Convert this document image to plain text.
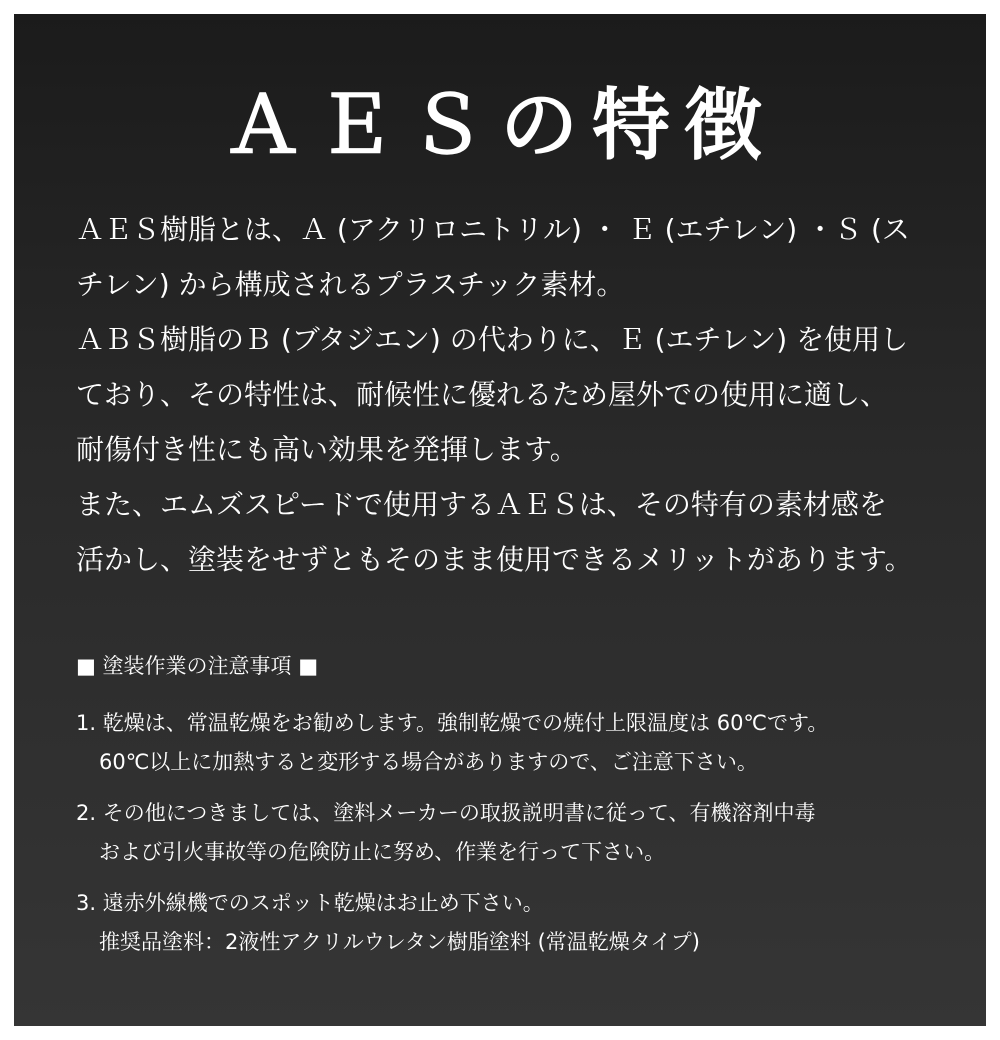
ＡＥＳの特徴
ＡＥＳ樹脂とは、Ａ (アクリロニトリル) ・ Ｅ (エチレン) ・Ｓ (ス
チレン) から構成されるプラスチック素材。
ＡＢＳ樹脂のＢ (ブタジエン) の代わりに、Ｅ (エチレン) を使用し
ており、その特性は、耐候性に優れるため屋外での使用に適し、
耐傷付き性にも高い効果を発揮します。
また、エムズスピードで使用するＡＥＳは、その特有の素材感を
活かし、塗装をせずともそのまま使用できるメリットがあります。
■ 塗装作業の注意事項 ■
1. 乾燥は、常温乾燥をお勧めします。強制乾燥での焼付上限温度は 60℃です。
60℃以上に加熱すると変形する場合がありますので、ご注意下さい。
2. その他につきましては、塗料メーカーの取扱説明書に従って、有機溶剤中毒
および引火事故等の危険防止に努め、作業を行って下さい。
3. 遠赤外線機でのスポット乾燥はお止め下さい。
推奨品塗料：2液性アクリルウレタン樹脂塗料 (常温乾燥タイプ)
